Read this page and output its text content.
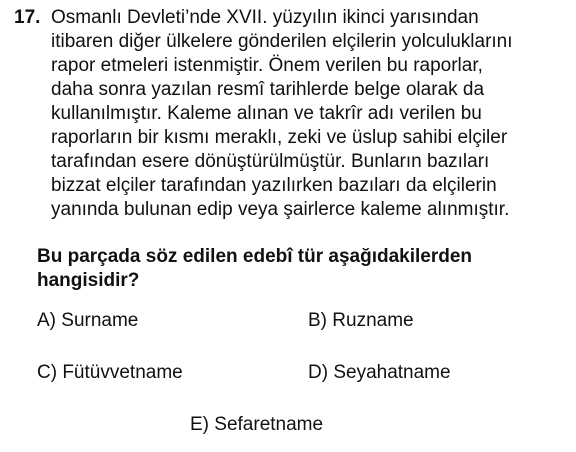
17. Osmanlı Devleti’nde XVII. yüzyılın ikinci yarısından
itibaren diğer ülkelere gönderilen elçilerin yolculuklarını
rapor etmeleri istenmiştir. Önem verilen bu raporlar,
daha sonra yazılan resmî tarihlerde belge olarak da
kullanılmıştır. Kaleme alınan ve takrîr adı verilen bu
raporların bir kısmı meraklı, zeki ve üslup sahibi elçiler
tarafından esere dönüştürülmüştür. Bunların bazıları
bizzat elçiler tarafından yazılırken bazıları da elçilerin
yanında bulunan edip veya şairlerce kaleme alınmıştır.
Bu parçada söz edilen edebî tür aşağıdakilerden
hangisidir?
A) Surname	B) Ruzname
C) Fütüvvetname	D) Seyahatname
E) Sefaretname
